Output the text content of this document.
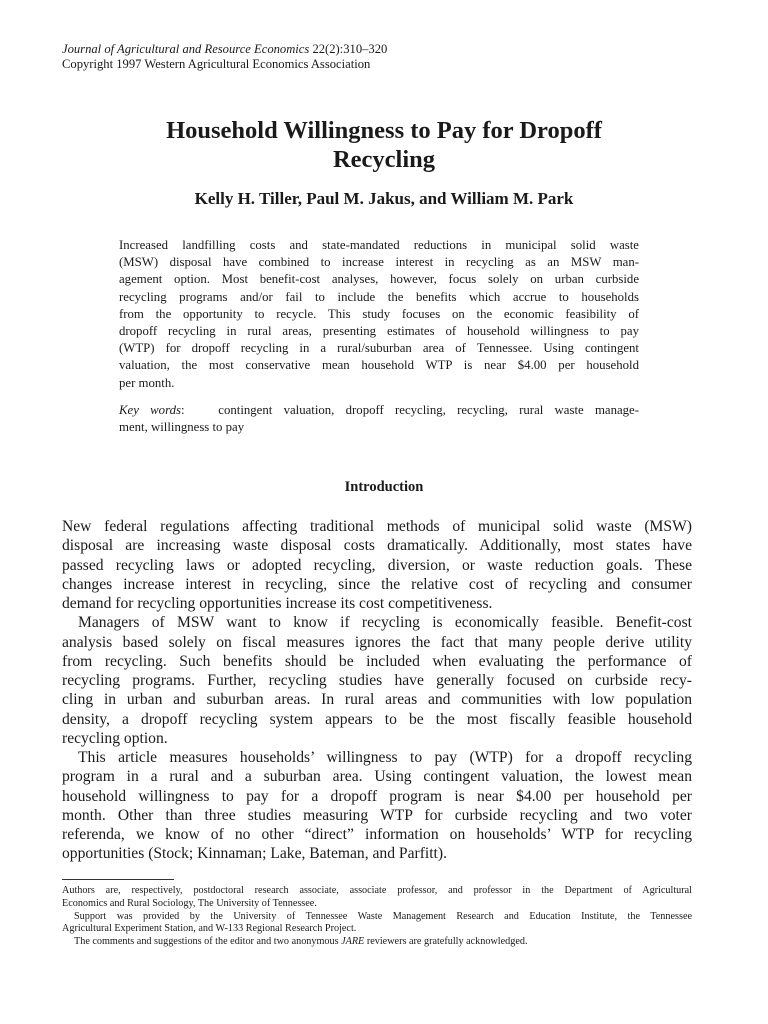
Journal of Agricultural and Resource Economics 22(2):310–320
Copyright 1997 Western Agricultural Economics Association
Household Willingness to Pay for Dropoff
Recycling
Kelly H. Tiller, Paul M. Jakus, and William M. Park
Increased landfilling costs and state-mandated reductions in municipal solid waste
(MSW) disposal have combined to increase interest in recycling as an MSW man-
agement option. Most benefit-cost analyses, however, focus solely on urban curbside
recycling programs and/or fail to include the benefits which accrue to households
from the opportunity to recycle. This study focuses on the economic feasibility of
dropoff recycling in rural areas, presenting estimates of household willingness to pay
(WTP) for dropoff recycling in a rural/suburban area of Tennessee. Using contingent
valuation, the most conservative mean household WTP is near $4.00 per household
per month.
Key words:	contingent valuation, dropoff recycling, recycling, rural waste manage-
ment, willingness to pay
Introduction
New federal regulations affecting traditional methods of municipal solid waste (MSW)
disposal are increasing waste disposal costs dramatically. Additionally, most states have
passed recycling laws or adopted recycling, diversion, or waste reduction goals. These
changes increase interest in recycling, since the relative cost of recycling and consumer
demand for recycling opportunities increase its cost competitiveness.
Managers of MSW want to know if recycling is economically feasible. Benefit-cost
analysis based solely on fiscal measures ignores the fact that many people derive utility
from recycling. Such benefits should be included when evaluating the performance of
recycling programs. Further, recycling studies have generally focused on curbside recy-
cling in urban and suburban areas. In rural areas and communities with low population
density, a dropoff recycling system appears to be the most fiscally feasible household
recycling option.
This article measures households’ willingness to pay (WTP) for a dropoff recycling
program in a rural and a suburban area. Using contingent valuation, the lowest mean
household willingness to pay for a dropoff program is near $4.00 per household per
month. Other than three studies measuring WTP for curbside recycling and two voter
referenda, we know of no other “direct” information on households’ WTP for recycling
opportunities (Stock; Kinnaman; Lake, Bateman, and Parfitt).
Authors are, respectively, postdoctoral research associate, associate professor, and professor in the Department of Agricultural
Economics and Rural Sociology, The University of Tennessee.
Support was provided by the University of Tennessee Waste Management Research and Education Institute, the Tennessee
Agricultural Experiment Station, and W-133 Regional Research Project.
The comments and suggestions of the editor and two anonymous JARE reviewers are gratefully acknowledged.
